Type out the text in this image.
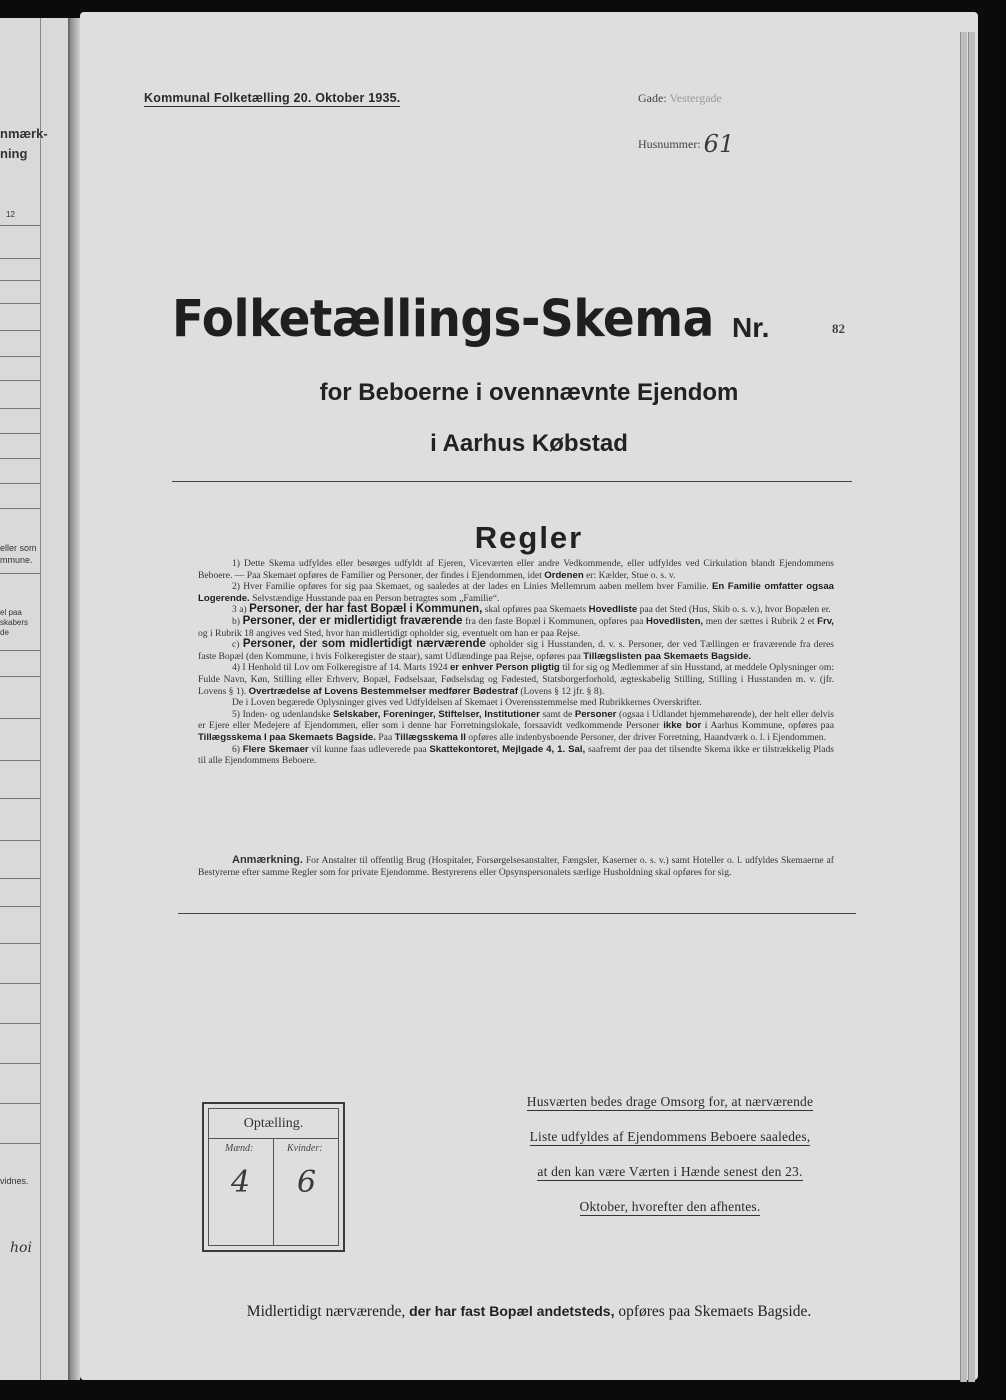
nmærk-
ning
12
eller som
mmune.
el paa
skabers
de
vidnes.
hoi
Kommunal Folketælling 20. Oktober 1935.	Gade: Vestergade
Husnummer: 61
Folketællings-Skema Nr.	82
for Beboerne i ovennævnte Ejendom
i Aarhus Købstad
Regler

1) Dette Skema udfyldes eller besørges udfyldt af Ejeren, Viceværten eller andre Vedkommende, eller udfyldes ved Cirkulation blandt Ejendommens Beboere. — Paa Skemaet opføres de Familier og Personer, der findes i Ejendommen, idet Ordenen er: Kælder, Stue o. s. v.

2) Hver Familie opføres for sig paa Skemaet, og saaledes at der lades en Linies Mellemrum aaben mellem hver Familie. En Familie omfatter ogsaa Logerende. Selvstændige Husstande paa en Person betragtes som „Familie“.

3 a) Personer, der har fast Bopæl i Kommunen, skal opføres paa Skemaets Hovedliste paa det Sted (Hus, Skib o. s. v.), hvor Bopælen er.

b) Personer, der er midlertidigt fraværende fra den faste Bopæl i Kommunen, opføres paa Hovedlisten, men der sættes i Rubrik 2 et Frv, og i Rubrik 18 angives ved Sted, hvor han midlertidigt opholder sig, eventuelt om han er paa Rejse.

c) Personer, der som midlertidigt nærværende opholder sig i Husstanden, d. v. s. Personer, der ved Tællingen er fraværende fra deres faste Bopæl (den Kommune, i hvis Folkeregister de staar), samt Udlændinge paa Rejse, opføres paa Tillægslisten paa Skemaets Bagside.

4) I Henhold til Lov om Folkeregistre af 14. Marts 1924 er enhver Person pligtig til for sig og Medlemmer af sin Husstand, at meddele Oplysninger om: Fulde Navn, Køn, Stilling eller Erhverv, Bopæl, Fødselsaar, Fødselsdag og Fødested, Statsborgerforhold, ægteskabelig Stilling, Stilling i Husstanden m. v. (jfr. Lovens § 1). Overtrædelse af Lovens Bestemmelser medfører Bødestraf (Lovens § 12 jfr. § 8).

De i Loven begærede Oplysninger gives ved Udfyldelsen af Skemaet i Overensstemmelse med Rubrikkernes Overskrifter.

5) Inden- og udenlandske Selskaber, Foreninger, Stiftelser, Institutioner samt de Personer (ogsaa i Udlandet hjemmehørende), der helt eller delvis er Ejere eller Medejere af Ejendommen, eller som i denne har Forretningslokale, forsaavidt vedkommende Personer ikke bor i Aarhus Kommune, opføres paa Tillægsskema I paa Skemaets Bagside. Paa Tillægsskema II opføres alle indenbysboende Personer, der driver Forretning, Haandværk o. l. i Ejendommen.

6) Flere Skemaer vil kunne faas udleverede paa Skattekontoret, Mejlgade 4, 1. Sal, saafremt der paa det tilsendte Skema ikke er tilstrækkelig Plads til alle Ejendommens Beboere.

Anmærkning. For Anstalter til offentlig Brug (Hospitaler, Forsørgelsesanstalter, Fængsler, Kaserner o. s. v.) samt Hoteller o. l. udfyldes Skemaerne af Bestyrerne efter samme Regler som for private Ejendomme. Bestyrerens eller Opsynspersonalets særlige Husholdning skal opføres for sig.

Optælling.
Mænd:	Kvinder:
4 6
Husværten bedes drage Omsorg for, at nærværende
Liste udfyldes af Ejendommens Beboere saaledes,
at den kan være Værten i Hænde senest den 23.
Oktober, hvorefter den afhentes.
Midlertidigt nærværende, der har fast Bopæl andetsteds, opføres paa Skemaets Bagside.
